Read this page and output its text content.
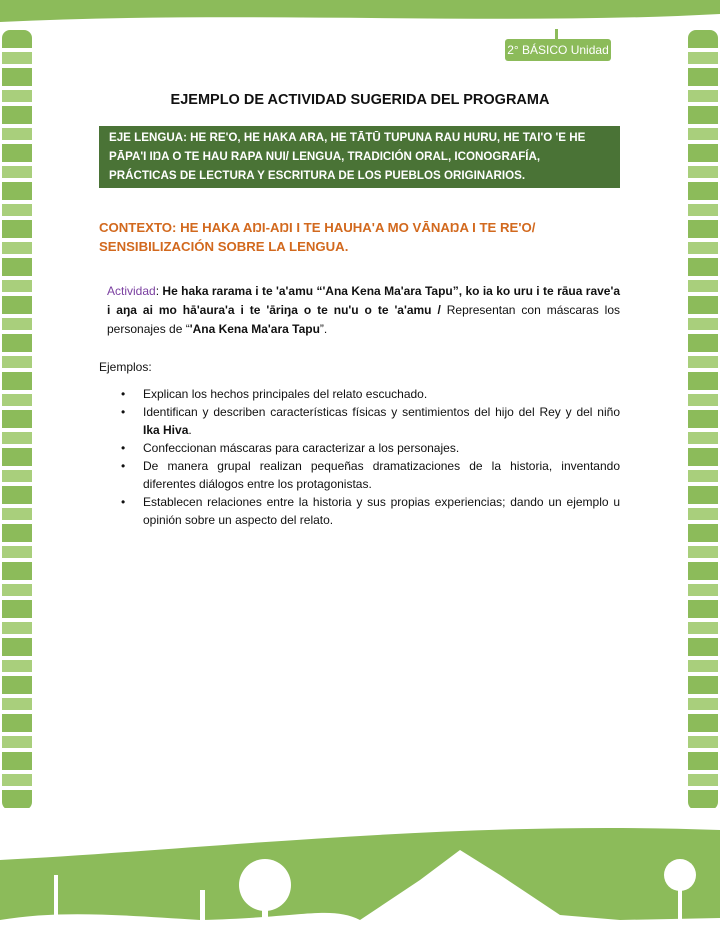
2° BÁSICO Unidad 1
EJEMPLO DE ACTIVIDAD SUGERIDA DEL PROGRAMA
EJE LENGUA: HE RE'O, HE HAKA ARA, HE TĀTŪ TUPUNA RAU HURU, HE TAI'O 'E HE PĀPA'I IŊA O TE HAU RAPA NUI/ LENGUA, TRADICIÓN ORAL, ICONOGRAFÍA, PRÁCTICAS DE LECTURA Y ESCRITURA DE LOS PUEBLOS ORIGINARIOS.
CONTEXTO: HE HAKA AŊI-AŊI I TE HAUHA'A MO VĀNAŊA I TE RE'O/ SENSIBILIZACIÓN SOBRE LA LENGUA.
Actividad: He haka rarama i te 'a'amu “'Ana Kena Ma'ara Tapu”, ko ia ko uru i te rāua rave'a i aŋa ai mo hā'aura'a i te 'āriŋa o te nu'u o te 'a'amu / Representan con máscaras los personajes de “'Ana Kena Ma'ara Tapu”.
Ejemplos:
• Explican los hechos principales del relato escuchado.
• Identifican y describen características físicas y sentimientos del hijo del Rey y del niño Ika Hiva.
• Confeccionan máscaras para caracterizar a los personajes.
• De manera grupal realizan pequeñas dramatizaciones de la historia, inventando diferentes diálogos entre los protagonistas.
• Establecen relaciones entre la historia y sus propias experiencias; dando un ejemplo u opinión sobre un aspecto del relato.
